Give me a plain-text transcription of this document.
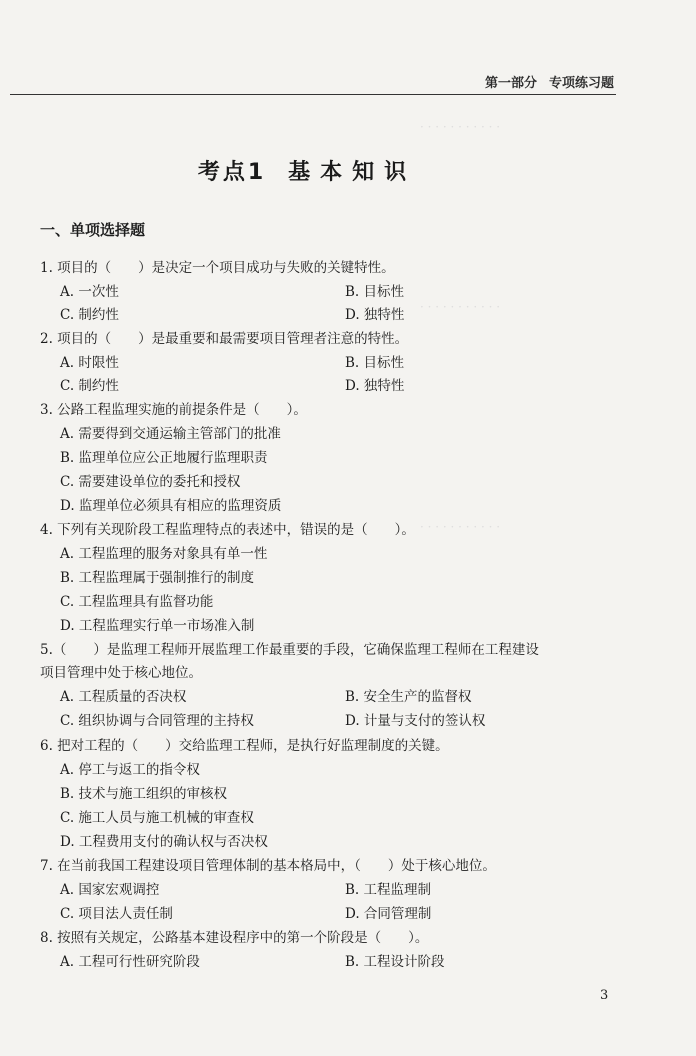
· · · · · · · · · · ·
· · · · · · · · · · ·
· · · · · · · · · · ·
第一部分 专项练习题
考点1 基本知识
一、单项选择题
1. 项目的（　　）是决定一个项目成功与失败的关键特性。
A. 一次性	B. 目标性
C. 制约性	D. 独特性
2. 项目的（　　）是最重要和最需要项目管理者注意的特性。
A. 时限性	B. 目标性
C. 制约性	D. 独特性
3. 公路工程监理实施的前提条件是（　　）。
A. 需要得到交通运输主管部门的批准
B. 监理单位应公正地履行监理职责
C. 需要建设单位的委托和授权
D. 监理单位必须具有相应的监理资质
4. 下列有关现阶段工程监理特点的表述中，错误的是（　　）。
A. 工程监理的服务对象具有单一性
B. 工程监理属于强制推行的制度
C. 工程监理具有监督功能
D. 工程监理实行单一市场准入制
5.（　　）是监理工程师开展监理工作最重要的手段，它确保监理工程师在工程建设
项目管理中处于核心地位。
A. 工程质量的否决权	B. 安全生产的监督权
C. 组织协调与合同管理的主持权	D. 计量与支付的签认权
6. 把对工程的（　　）交给监理工程师，是执行好监理制度的关键。
A. 停工与返工的指令权
B. 技术与施工组织的审核权
C. 施工人员与施工机械的审查权
D. 工程费用支付的确认权与否决权
7. 在当前我国工程建设项目管理体制的基本格局中，（　　）处于核心地位。
A. 国家宏观调控	B. 工程监理制
C. 项目法人责任制	D. 合同管理制
8. 按照有关规定，公路基本建设程序中的第一个阶段是（　　）。
A. 工程可行性研究阶段	B. 工程设计阶段
3
